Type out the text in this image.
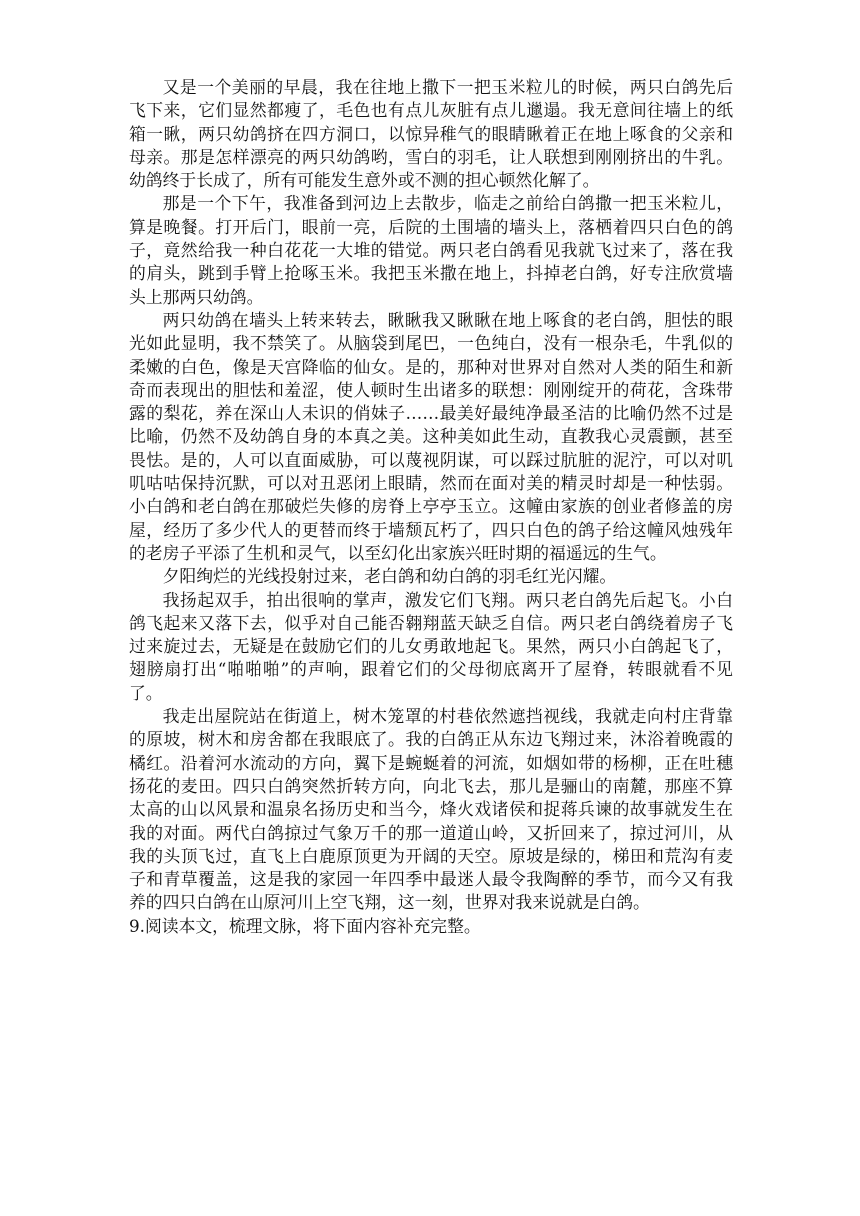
又是一个美丽的早晨，我在往地上撒下一把玉米粒儿的时候，两只白鸽先后飞下来，它们显然都瘦了，毛色也有点儿灰脏有点儿邋遢。我无意间往墙上的纸箱一瞅，两只幼鸽挤在四方洞口，以惊异稚气的眼睛瞅着正在地上啄食的父亲和母亲。那是怎样漂亮的两只幼鸽哟，雪白的羽毛，让人联想到刚刚挤出的牛乳。幼鸽终于长成了，所有可能发生意外或不测的担心顿然化解了。

那是一个下午，我准备到河边上去散步，临走之前给白鸽撒一把玉米粒儿，算是晚餐。打开后门，眼前一亮，后院的土围墙的墙头上，落栖着四只白色的鸽子，竟然给我一种白花花一大堆的错觉。两只老白鸽看见我就飞过来了，落在我的肩头，跳到手臂上抢啄玉米。我把玉米撒在地上，抖掉老白鸽，好专注欣赏墙头上那两只幼鸽。

两只幼鸽在墙头上转来转去，瞅瞅我又瞅瞅在地上啄食的老白鸽，胆怯的眼光如此显明，我不禁笑了。从脑袋到尾巴，一色纯白，没有一根杂毛，牛乳似的柔嫩的白色，像是天宫降临的仙女。是的，那种对世界对自然对人类的陌生和新奇而表现出的胆怯和羞涩，使人顿时生出诸多的联想：刚刚绽开的荷花，含珠带露的梨花，养在深山人未识的俏妹子……最美好最纯净最圣洁的比喻仍然不过是比喻，仍然不及幼鸽自身的本真之美。这种美如此生动，直教我心灵震颤，甚至畏怯。是的，人可以直面威胁，可以蔑视阴谋，可以踩过肮脏的泥泞，可以对叽叽咕咕保持沉默，可以对丑恶闭上眼睛，然而在面对美的精灵时却是一种怯弱。小白鸽和老白鸽在那破烂失修的房脊上亭亭玉立。这幢由家族的创业者修盖的房屋，经历了多少代人的更替而终于墙颓瓦朽了，四只白色的鸽子给这幢风烛残年的老房子平添了生机和灵气，以至幻化出家族兴旺时期的福遥远的生气。

夕阳绚烂的光线投射过来，老白鸽和幼白鸽的羽毛红光闪耀。

我扬起双手，拍出很响的掌声，激发它们飞翔。两只老白鸽先后起飞。小白鸽飞起来又落下去，似乎对自己能否翱翔蓝天缺乏自信。两只老白鸽绕着房子飞过来旋过去，无疑是在鼓励它们的儿女勇敢地起飞。果然，两只小白鸽起飞了，翅膀扇打出“啪啪啪”的声响，跟着它们的父母彻底离开了屋脊，转眼就看不见了。

我走出屋院站在街道上，树木笼罩的村巷依然遮挡视线，我就走向村庄背靠的原坡，树木和房舍都在我眼底了。我的白鸽正从东边飞翔过来，沐浴着晚霞的橘红。沿着河水流动的方向，翼下是蜿蜒着的河流，如烟如带的杨柳，正在吐穗扬花的麦田。四只白鸽突然折转方向，向北飞去，那儿是骊山的南麓，那座不算太高的山以风景和温泉名扬历史和当今，烽火戏诸侯和捉蒋兵谏的故事就发生在我的对面。两代白鸽掠过气象万千的那一道道山岭，又折回来了，掠过河川，从我的头顶飞过，直飞上白鹿原顶更为开阔的天空。原坡是绿的，梯田和荒沟有麦子和青草覆盖，这是我的家园一年四季中最迷人最令我陶醉的季节，而今又有我养的四只白鸽在山原河川上空飞翔，这一刻，世界对我来说就是白鸽。

9.阅读本文，梳理文脉，将下面内容补充完整。
